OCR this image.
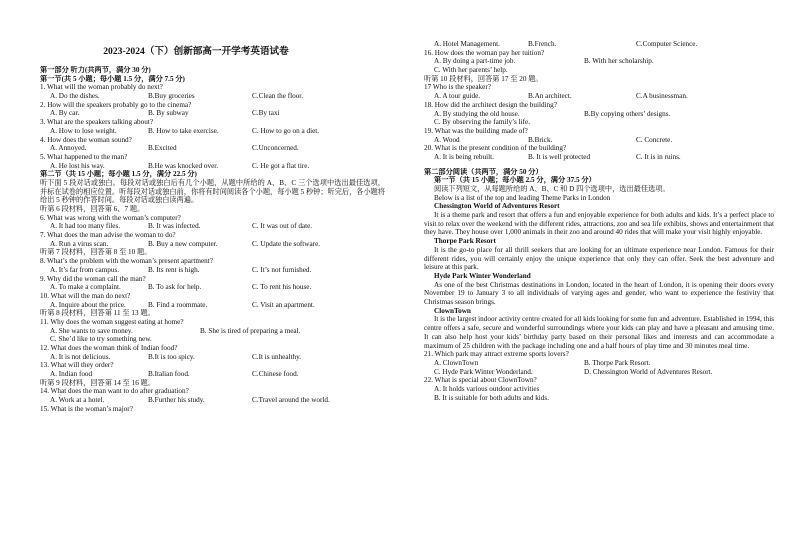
2023-2024（下）创新部高一开学考英语试卷
第一部分 听力(共两节，满分 30 分)
第一节(共 5 小题；每小题 1.5 分，满分 7.5 分)
1. What will the woman probably do next?
A. Do the dishes.	B.Buy groceries	C.Clean the floor.
2. How will the speakers probably go to the cinema?
A. By car.	B. By subway	C.By taxi
3. What are the speakers talking about?
A. How to lose weight.	B. How to take exercise.	C. How to go on a diet.
4. How does the woman sound?
A. Annoyed.	B.Excited	C.Unconcerned.
5. What happened to the man?
A. He lost his way.	B.He was knocked over.	C. He got a flat tire.
第二节（共 15 小题；每小题 1.5 分，满分 22.5 分)
听下面 5 段对话或独白。每段对话或独白后有几个小题，从题中所给的 A、B、C 三个选项中选出最佳选项，并标在试卷的相应位置。听每段对话或独白前，你将有时间阅读各个小题，每小题 5 秒钟；听完后，各小题将给出 5 秒钟的作答时间。每段对话或独白读两遍。
听第 6 段材料，回答第 6、7 题。
6. What was wrong with the woman’s computer?
A. It had too many files.	B. It was infected.	C. It was out of date.
7. What does the man advise the woman to do?
A. Run a virus scan.	B. Buy a new computer.	C. Update the software.
听第 7 段材料，回答第 8 至 10 题。
8. What’s the problem with the woman’s present apartment?
A. It’s far from campus.	B. Its rent is high.	C. It’s not furnished.
9. Why did the woman call the man?
A. To make a complaint.	B. To ask for help.	C. To rent his house.
10. What will the man do next?
A. Inquire about the price.	B. Find a roommate.	C. Visit an apartment.
听第 8 段材料，回答第 11 至 13 题。
11. Why does the woman suggest eating at home?
A. She wants to save money.	B. She is tired of preparing a meal.
C. She’d like to try something new.
12. What does the woman think of Indian food?
A. It is not delicious.	B.It is too spicy.	C.It is unhealthy.
13. What will they order?
A. Indian food	B.Italian food.	C.Chinese food.
听第 9 段材料，回答第 14 至 16 题。
14. What does the man want to do after graduation?
A. Work at a hotel.	B.Further his study.	C.Travel around the world.
15. What is the woman’s major?
A. Hotel Management.	B.French.	C.Computer Science.
16. How does the woman pay her tuition?
A. By doing a part-time job.	B. With her scholarship.
C. With her parents’ help.
听第 10 段材料，回答第 17 至 20 题。
17 Who is the speaker?
A. A tour guide.	B.An architect.	C.A businessman.
18. How did the architect design the building?
A. By studying the old house.	B.By copying others’ designs.
C. By observing the family’s life.
19. What was the building made of?
A. Wood	B.Brick.	C. Concrete.
20. What is the present condition of the building?
A. It is being rebuilt.	B. It is well protected	C. It is in ruins.
第二部分阅读（共两节，满分 50 分）
第一节（共 15 小题；每小题 2.5 分，满分 37.5 分）
阅读下列短文，从每题所给的 A、B、C 和 D 四个选项中，选出最佳选项。
Below is a list of the top and leading Theme Parks in London
Chessington World of Adventures Resort
It is a theme park and resort that offers a fun and enjoyable experience for both adults and kids. It’s a perfect place to visit to relax over the weekend with the different rides, attractions, zoo and sea life exhibits, shows and entertainment that they have. They house over 1,000 animals in their zoo and around 40 rides that will make your visit highly enjoyable.
Thorpe Park Resort
It is the go-to place for all thrill seekers that are looking for an ultimate experience near London. Famous for their different rides, you will certainly enjoy the unique experience that only they can offer. Seek the best adventure and leisure at this park.
Hyde Park Winter Wonderland
As one of the best Christmas destinations in London, located in the heart of London, it is opening their doors every November 19 to January 3 to all individuals of varying ages and gender, who want to experience the festivity that Christmas season brings.
ClownTown
It is the largest indoor activity centre created for all kids looking for some fun and adventure. Established in 1994, this centre offers a safe, secure and wonderful surroundings where your kids can play and have a pleasant and amusing time. It can also help host your kids’ birthday party based on their personal likes and interests and can accommodate a maximum of 25 children with the package including one and a half hours of play time and 30 minutes meal time.
21. Which park may attract extreme sports lovers?
A. ClownTown	B. Thorpe Park Resort.
C. Hyde Park Winter Wonderland.	D. Chessington World of Adventures Resort.
22. What is special about ClownTown?
A. It holds various outdoor activities
B. It is suitable for both adults and kids.
